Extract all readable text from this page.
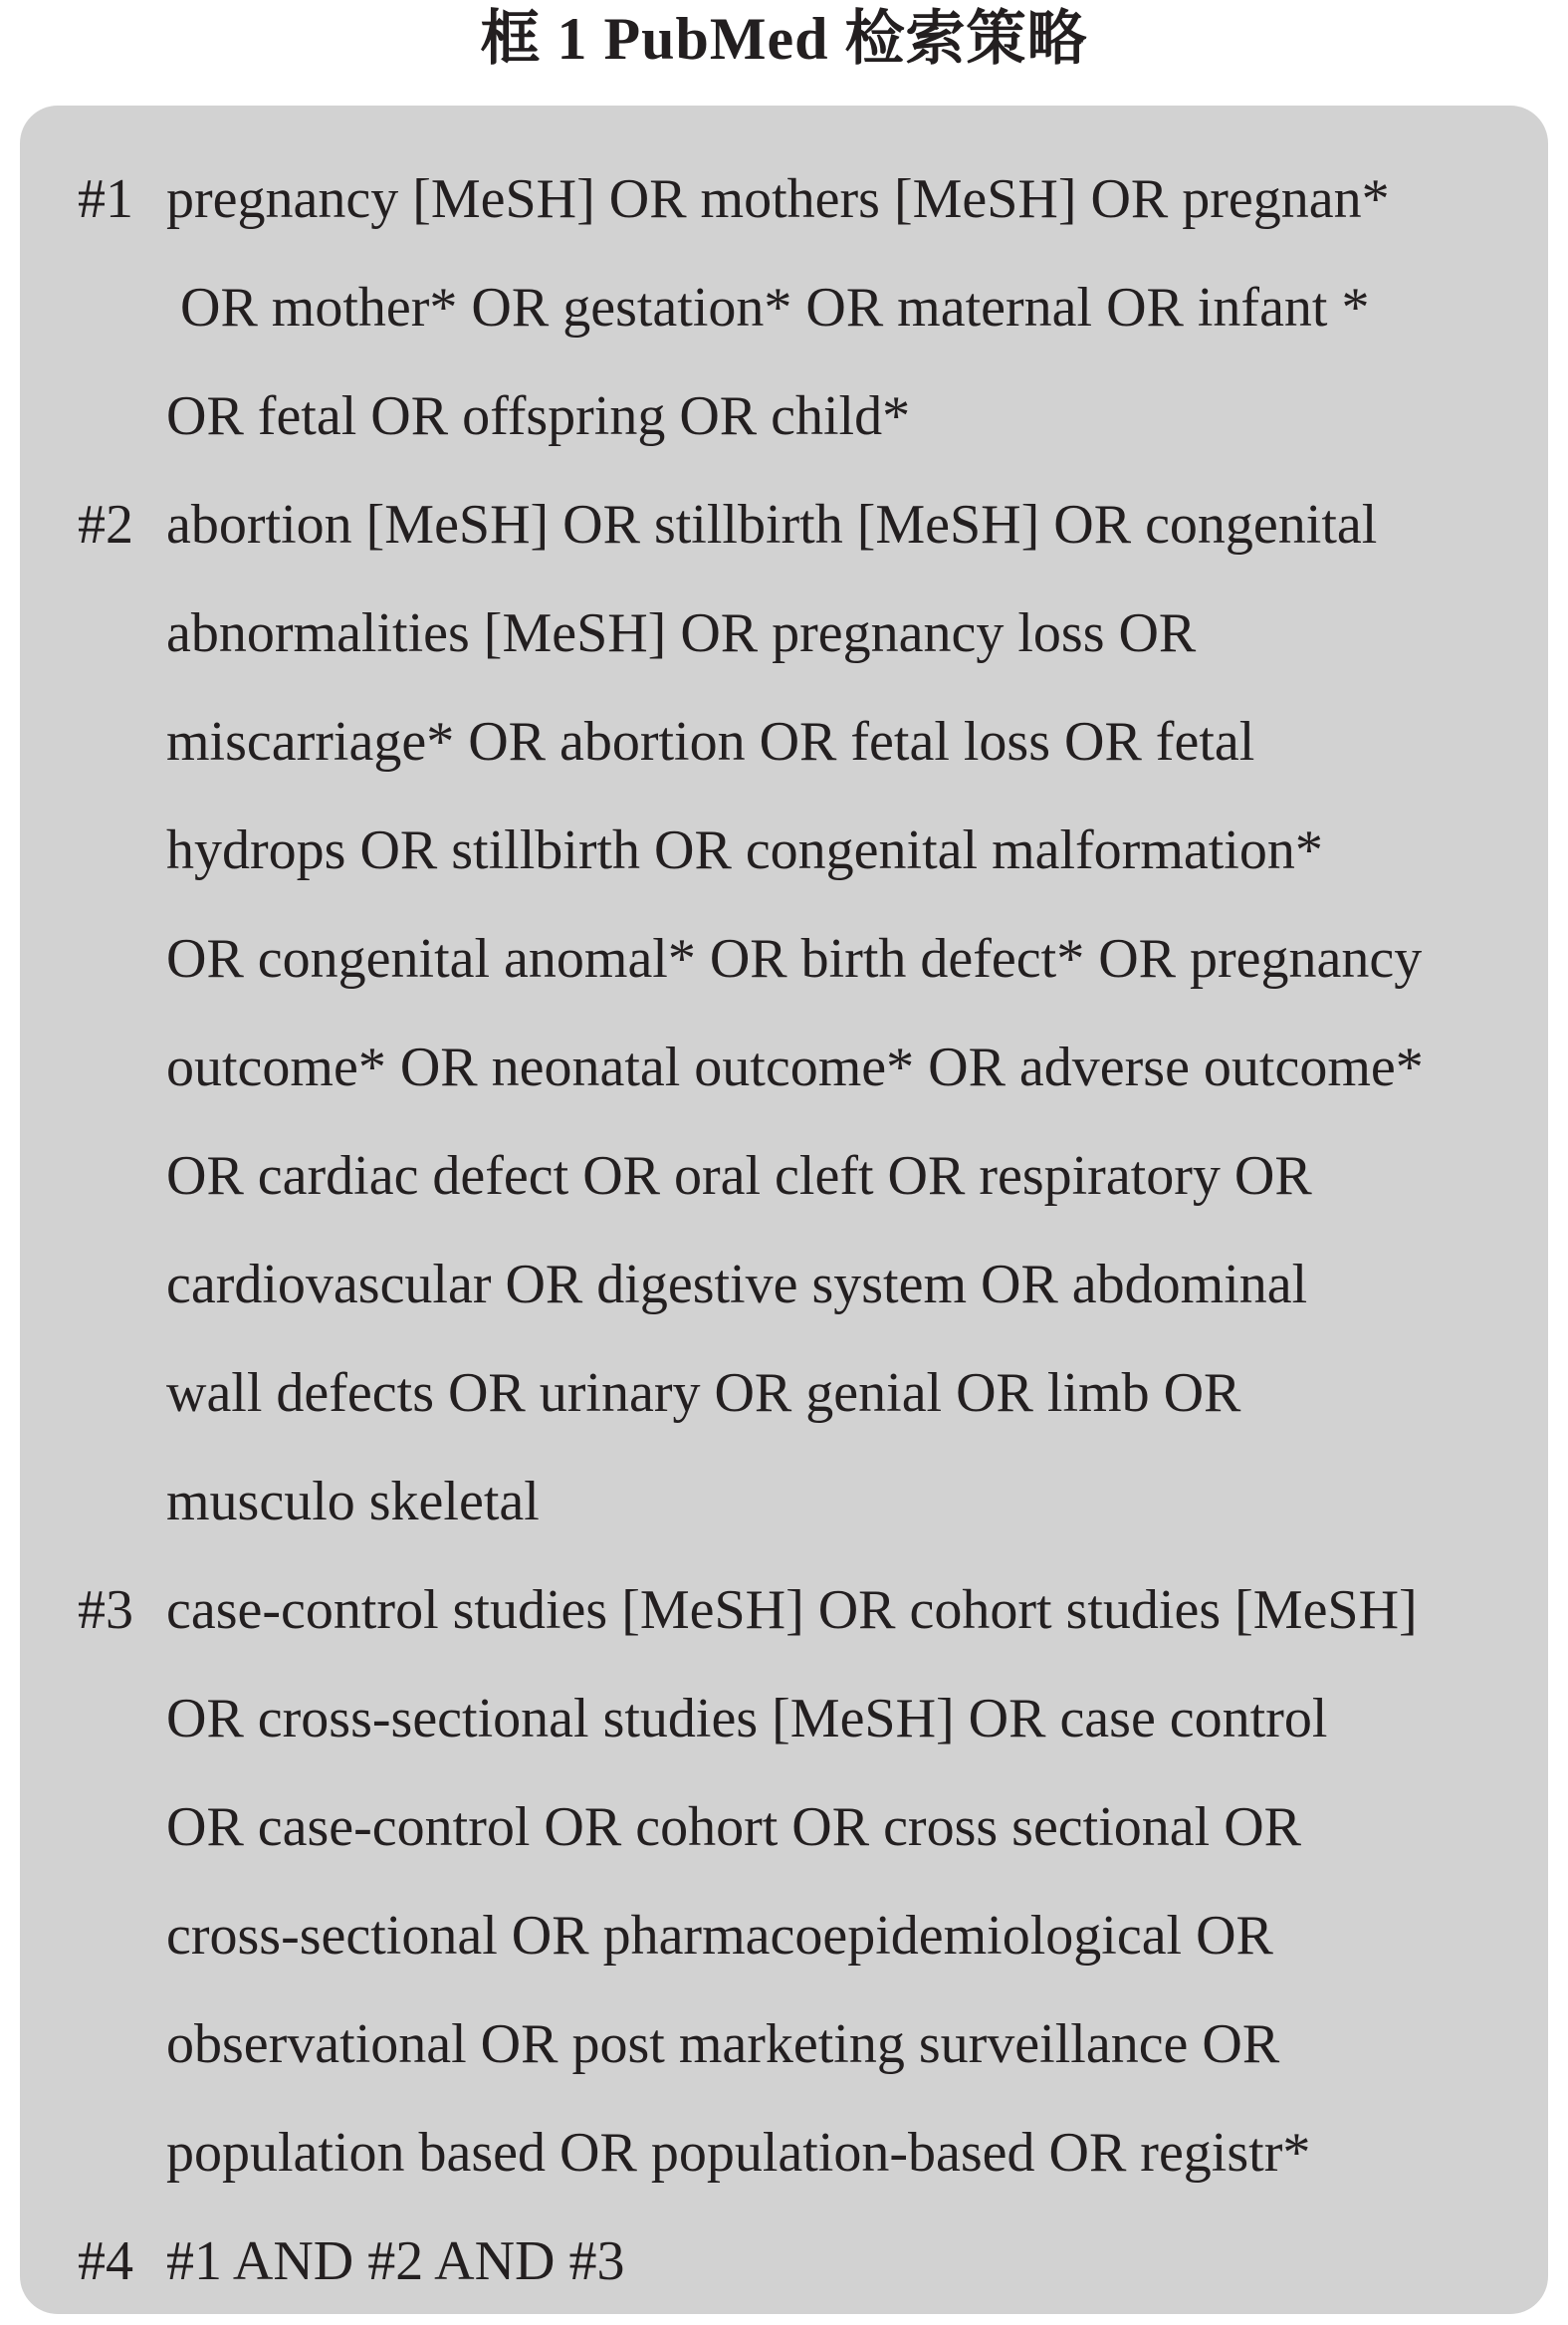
框 1 PubMed 检索策略
#1 pregnancy [MeSH] OR mothers [MeSH] OR pregnan*
OR mother* OR gestation* OR maternal OR infant *
OR fetal OR offspring OR child*
#2 abortion [MeSH] OR stillbirth [MeSH] OR congenital
abnormalities [MeSH] OR pregnancy loss OR
miscarriage* OR abortion OR fetal loss OR fetal
hydrops OR stillbirth OR congenital malformation*
OR congenital anomal* OR birth defect* OR pregnancy
outcome* OR neonatal outcome* OR adverse outcome*
OR cardiac defect OR oral cleft OR respiratory OR
cardiovascular OR digestive system OR abdominal
wall defects OR urinary OR genial OR limb OR
musculo skeletal
#3 case-control studies [MeSH] OR cohort studies [MeSH]
OR cross-sectional studies [MeSH] OR case control
OR case-control OR cohort OR cross sectional OR
cross-sectional OR pharmacoepidemiological OR
observational OR post marketing surveillance OR
population based OR population-based OR registr*
#4 #1 AND #2 AND #3
